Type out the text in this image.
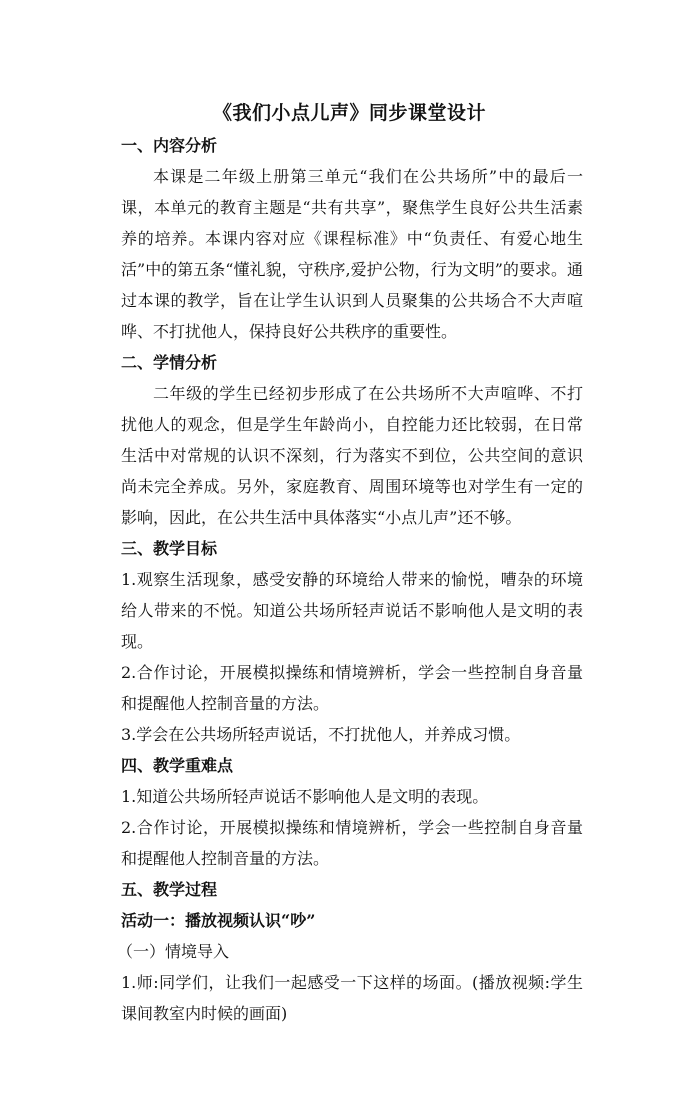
《我们小点儿声》同步课堂设计

一、内容分析

本课是二年级上册第三单元“我们在公共场所”中的最后一课，本单元的教育主题是“共有共享”，聚焦学生良好公共生活素养的培养。本课内容对应《课程标准》中“负责任、有爱心地生活”中的第五条“懂礼貌，守秩序,爱护公物，行为文明”的要求。通过本课的教学，旨在让学生认识到人员聚集的公共场合不大声喧哗、不打扰他人，保持良好公共秩序的重要性。

二、学情分析

二年级的学生已经初步形成了在公共场所不大声喧哗、不打扰他人的观念，但是学生年龄尚小，自控能力还比较弱，在日常生活中对常规的认识不深刻，行为落实不到位，公共空间的意识尚未完全养成。另外，家庭教育、周围环境等也对学生有一定的影响，因此，在公共生活中具体落实“小点儿声”还不够。

三、教学目标

1.观察生活现象，感受安静的环境给人带来的愉悦，嘈杂的环境给人带来的不悦。知道公共场所轻声说话不影响他人是文明的表现。

2.合作讨论，开展模拟操练和情境辨析，学会一些控制自身音量和提醒他人控制音量的方法。

3.学会在公共场所轻声说话，不打扰他人，并养成习惯。

四、教学重难点

1.知道公共场所轻声说话不影响他人是文明的表现。

2.合作讨论，开展模拟操练和情境辨析，学会一些控制自身音量和提醒他人控制音量的方法。

五、教学过程

活动一：播放视频认识“吵”

（一）情境导入

1.师:同学们，让我们一起感受一下这样的场面。(播放视频:学生课间教室内时候的画面)
